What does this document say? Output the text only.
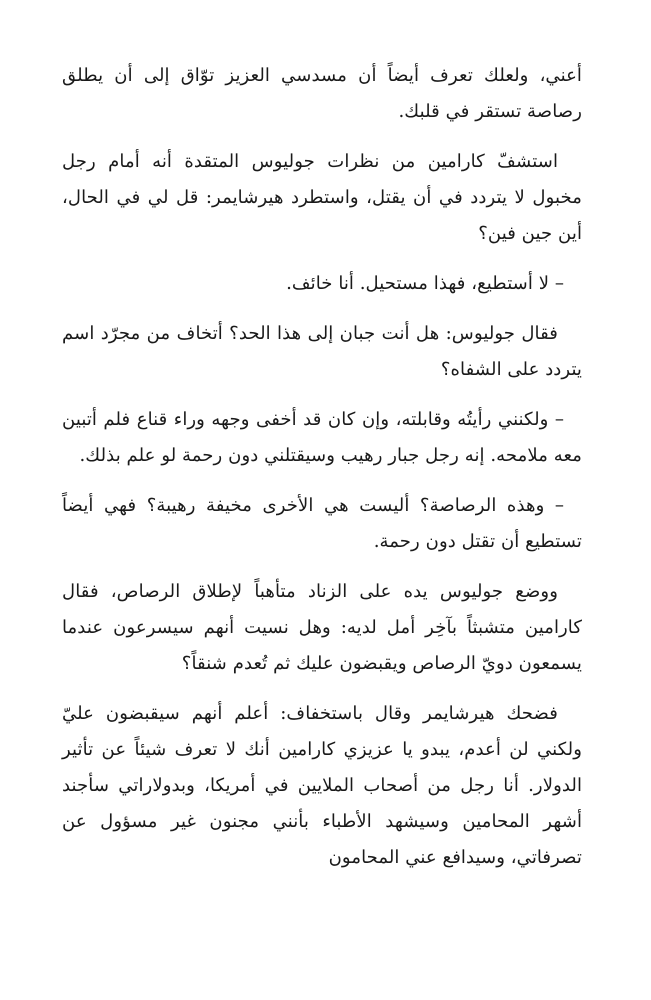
أعني، ولعلك تعرف أيضاً أن مسدسي العزيز توّاق إلى أن يطلق رصاصة تستقر في قلبك.

استشفّ كارامين من نظرات جوليوس المتقدة أنه أمام رجل مخبول لا يتردد في أن يقتل، واستطرد هيرشايمر: قل لي في الحال، أين جين فين؟

– لا أستطيع، فهذا مستحيل. أنا خائف.

فقال جوليوس: هل أنت جبان إلى هذا الحد؟ أتخاف من مجرّد اسم يتردد على الشفاه؟

– ولكنني رأيتُه وقابلته، وإن كان قد أخفى وجهه وراء قناع فلم أتبين معه ملامحه. إنه رجل جبار رهيب وسيقتلني دون رحمة لو علم بذلك.

– وهذه الرصاصة؟ أليست هي الأخرى مخيفة رهيبة؟ فهي أيضاً تستطيع أن تقتل دون رحمة.

ووضع جوليوس يده على الزناد متأهباً لإطلاق الرصاص، فقال كارامين متشبثاً بآخِر أمل لديه: وهل نسيت أنهم سيسرعون عندما يسمعون دويّ الرصاص ويقبضون عليك ثم تُعدم شنقاً؟

فضحك هيرشايمر وقال باستخفاف: أعلم أنهم سيقبضون عليّ ولكني لن أعدم، يبدو يا عزيزي كارامين أنك لا تعرف شيئاً عن تأثير الدولار. أنا رجل من أصحاب الملايين في أمريكا، وبدولاراتي سأجند أشهر المحامين وسيشهد الأطباء بأنني مجنون غير مسؤول عن تصرفاتي، وسيدافع عني المحامون
